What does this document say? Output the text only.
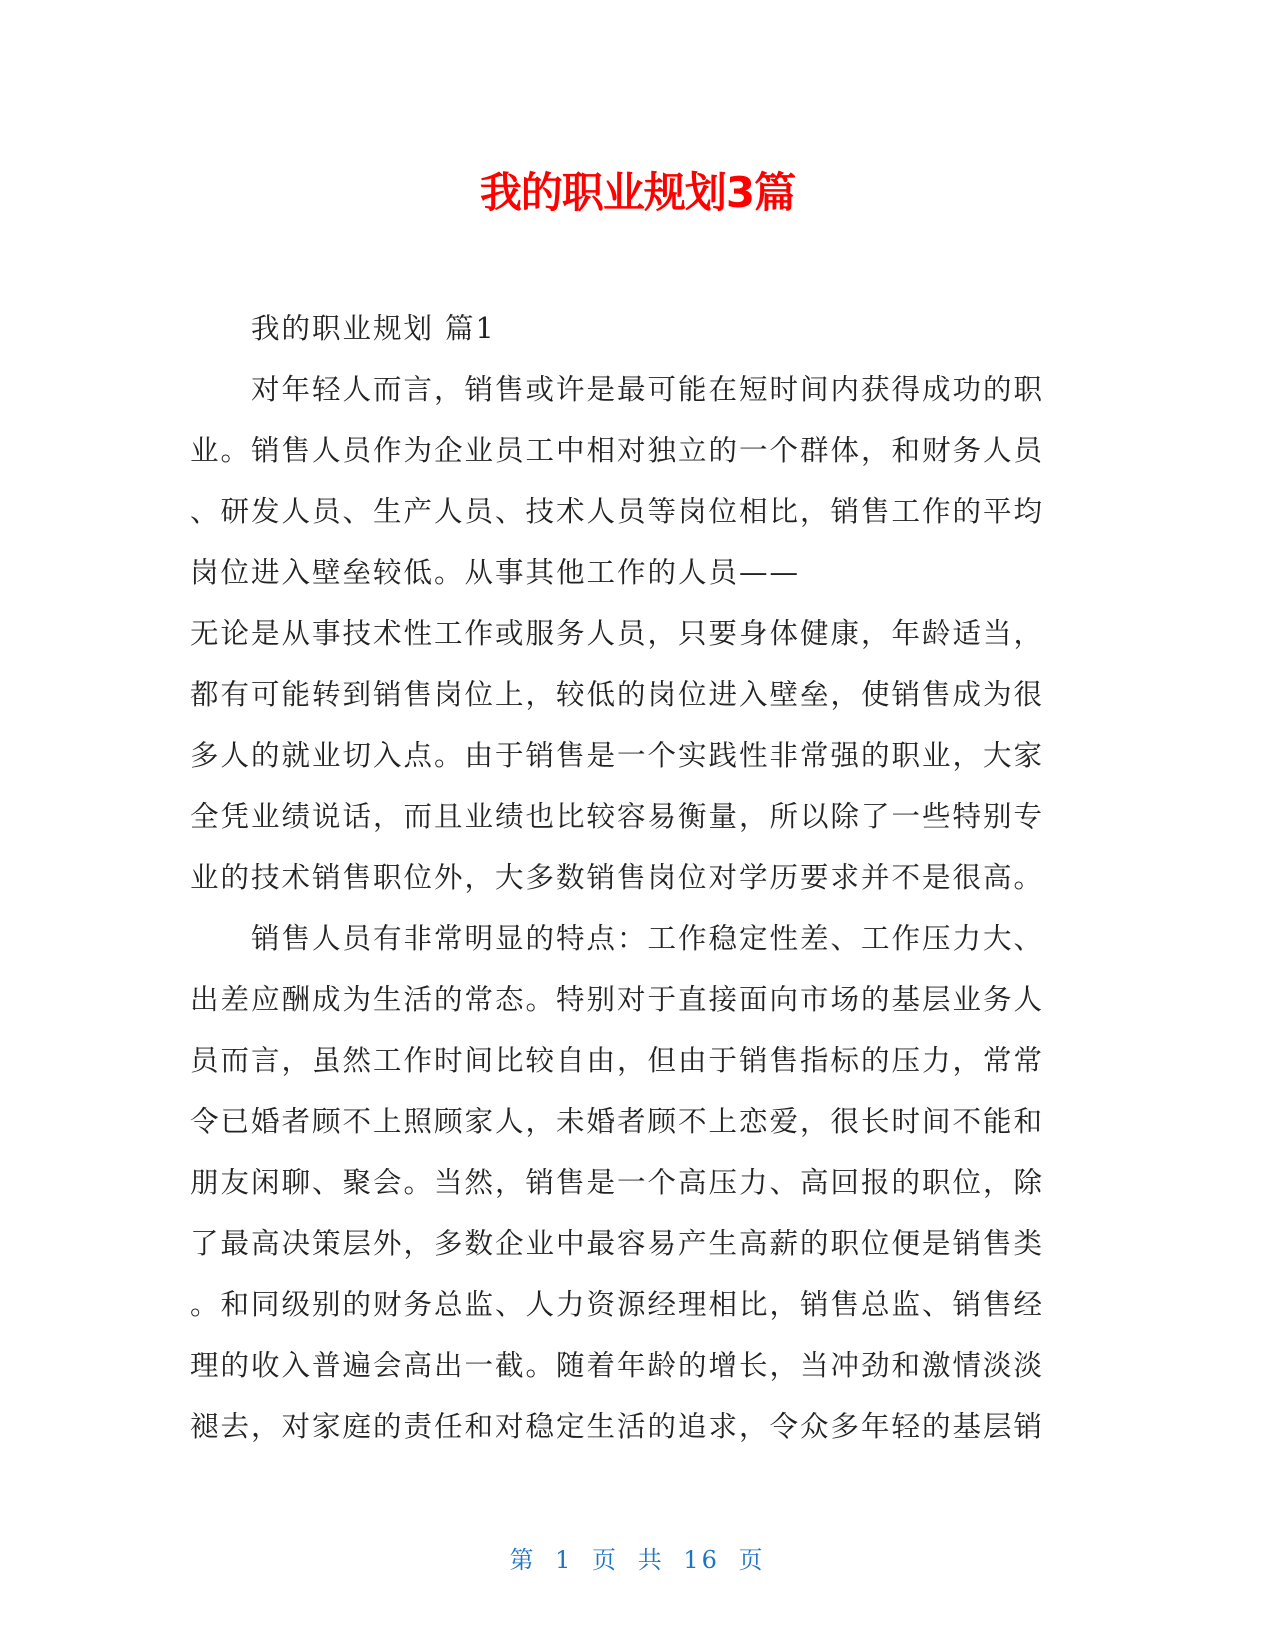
我的职业规划3篇
我的职业规划 篇1
对年轻人而言，销售或许是最可能在短时间内获得成功的职
业。销售人员作为企业员工中相对独立的一个群体，和财务人员
、研发人员、生产人员、技术人员等岗位相比，销售工作的平均
岗位进入壁垒较低。从事其他工作的人员——
无论是从事技术性工作或服务人员，只要身体健康，年龄适当，
都有可能转到销售岗位上，较低的岗位进入壁垒，使销售成为很
多人的就业切入点。由于销售是一个实践性非常强的职业，大家
全凭业绩说话，而且业绩也比较容易衡量，所以除了一些特别专
业的技术销售职位外，大多数销售岗位对学历要求并不是很高。
销售人员有非常明显的特点：工作稳定性差、工作压力大、
出差应酬成为生活的常态。特别对于直接面向市场的基层业务人
员而言，虽然工作时间比较自由，但由于销售指标的压力，常常
令已婚者顾不上照顾家人，未婚者顾不上恋爱，很长时间不能和
朋友闲聊、聚会。当然，销售是一个高压力、高回报的职位，除
了最高决策层外，多数企业中最容易产生高薪的职位便是销售类
。和同级别的财务总监、人力资源经理相比，销售总监、销售经
理的收入普遍会高出一截。随着年龄的增长，当冲劲和激情淡淡
褪去，对家庭的责任和对稳定生活的追求，令众多年轻的基层销
第 1 页 共 16 页
